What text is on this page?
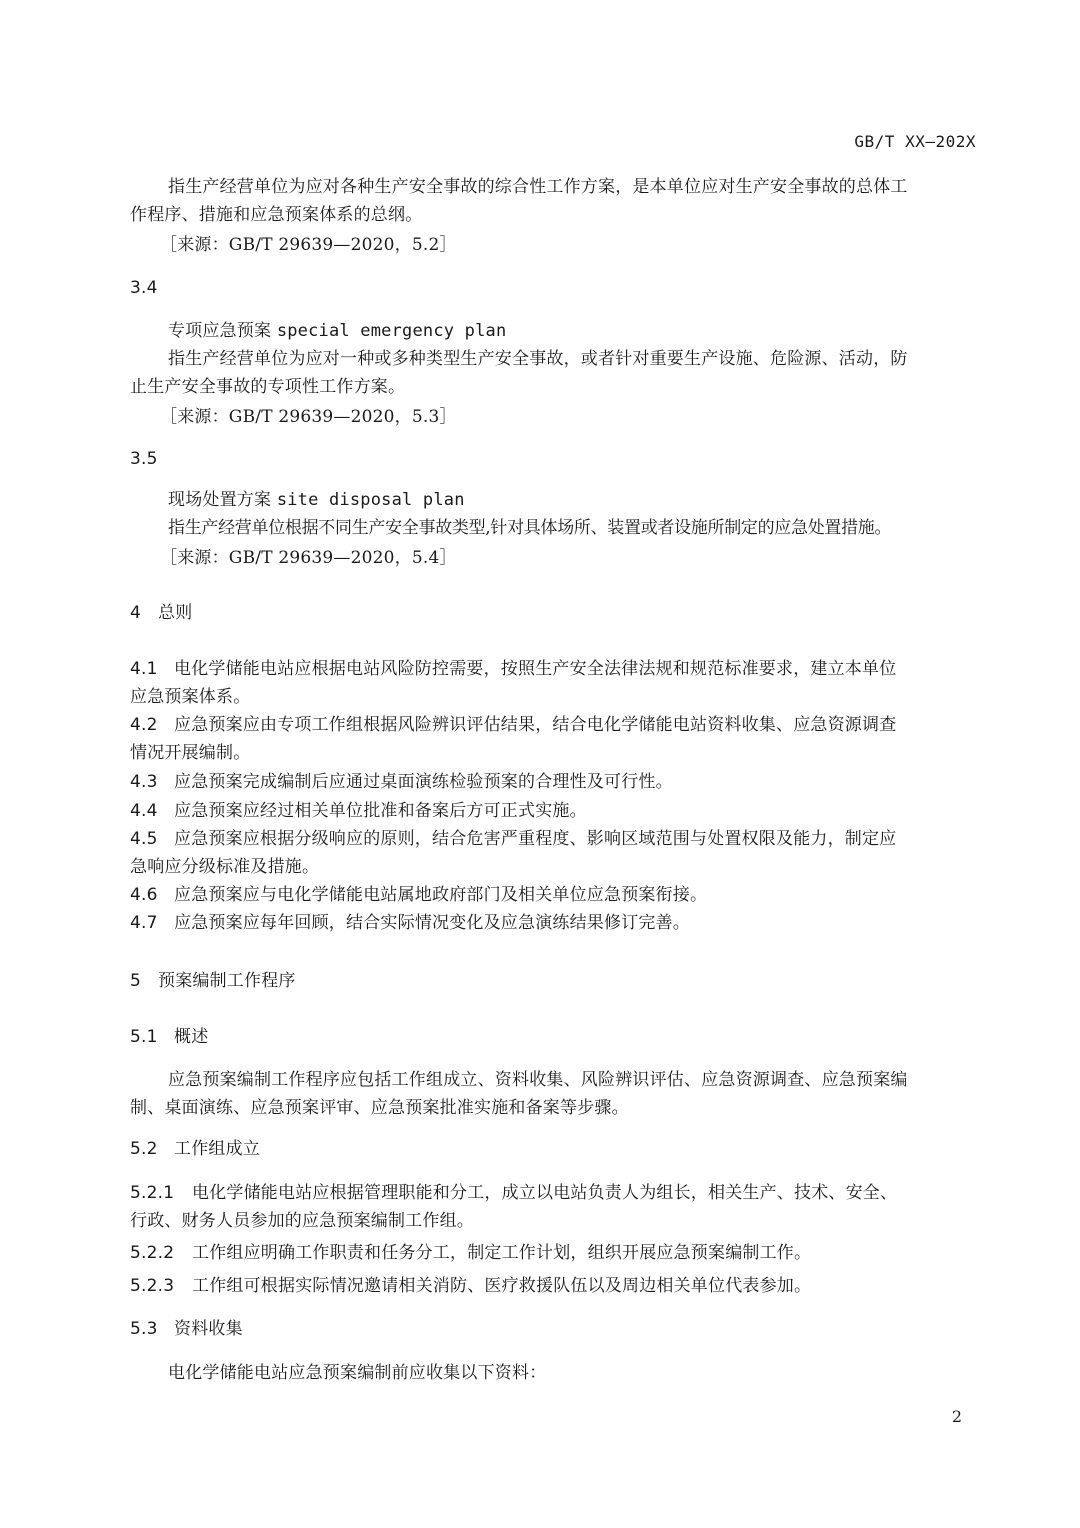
GB/T XX—202X
指生产经营单位为应对各种生产安全事故的综合性工作方案，是本单位应对生产安全事故的总体工
作程序、措施和应急预案体系的总纲。
［来源：GB/T 29639—2020，5.2］
3.4
专项应急预案 special emergency plan
指生产经营单位为应对一种或多种类型生产安全事故，或者针对重要生产设施、危险源、活动，防
止生产安全事故的专项性工作方案。
［来源：GB/T 29639—2020，5.3］
3.5
现场处置方案 site disposal plan
指生产经营单位根据不同生产安全事故类型,针对具体场所、装置或者设施所制定的应急处置措施。
［来源：GB/T 29639—2020，5.4］
4 总则
4.1 电化学储能电站应根据电站风险防控需要，按照生产安全法律法规和规范标准要求，建立本单位
应急预案体系。
4.2 应急预案应由专项工作组根据风险辨识评估结果，结合电化学储能电站资料收集、应急资源调查
情况开展编制。
4.3 应急预案完成编制后应通过桌面演练检验预案的合理性及可行性。
4.4 应急预案应经过相关单位批准和备案后方可正式实施。
4.5 应急预案应根据分级响应的原则，结合危害严重程度、影响区域范围与处置权限及能力，制定应
急响应分级标准及措施。
4.6 应急预案应与电化学储能电站属地政府部门及相关单位应急预案衔接。
4.7 应急预案应每年回顾，结合实际情况变化及应急演练结果修订完善。
5 预案编制工作程序
5.1 概述
应急预案编制工作程序应包括工作组成立、资料收集、风险辨识评估、应急资源调查、应急预案编
制、桌面演练、应急预案评审、应急预案批准实施和备案等步骤。
5.2 工作组成立
5.2.1 电化学储能电站应根据管理职能和分工，成立以电站负责人为组长，相关生产、技术、安全、
行政、财务人员参加的应急预案编制工作组。
5.2.2 工作组应明确工作职责和任务分工，制定工作计划，组织开展应急预案编制工作。
5.2.3 工作组可根据实际情况邀请相关消防、医疗救援队伍以及周边相关单位代表参加。
5.3 资料收集
电化学储能电站应急预案编制前应收集以下资料：
2
